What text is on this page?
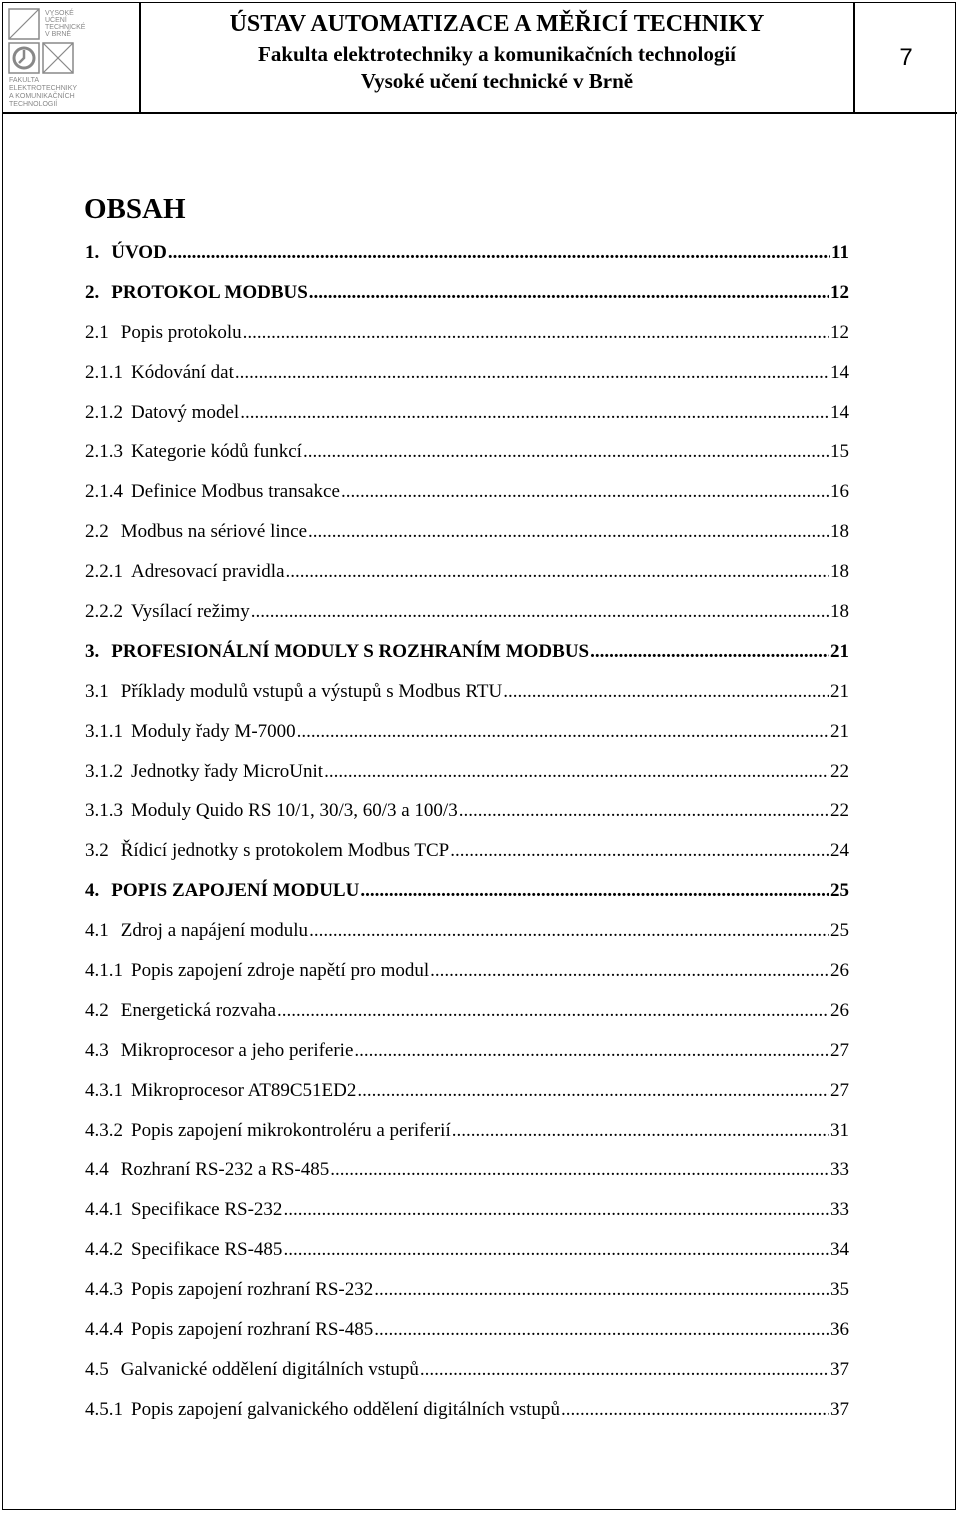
VYSOKÉ
UČENÍ
TECHNICKÉ
V BRNĚ
FAKULTA
ELEKTROTECHNIKY
A KOMUNIKAČNÍCH
TECHNOLOGIÍ
ÚSTAV AUTOMATIZACE A MĚŘICÍ TECHNIKY
Fakulta elektrotechniky a komunikačních technologií
Vysoké učení technické v Brně
7
OBSAH
1. ÚVOD .....	11
2. PROTOKOL MODBUS .....	12
2.1 Popis protokolu .....	12
2.1.1 Kódování dat .....	14
2.1.2 Datový model .....	14
2.1.3 Kategorie kódů funkcí .....	15
2.1.4 Definice Modbus transakce .....	16
2.2 Modbus na sériové lince .....	18
2.2.1 Adresovací pravidla .....	18
2.2.2 Vysílací režimy .....	18
3. PROFESIONÁLNÍ MODULY S ROZHRANÍM MODBUS .....	21
3.1 Příklady modulů vstupů a výstupů s Modbus RTU .....	21
3.1.1 Moduly řady M-7000 .....	21
3.1.2 Jednotky řady MicroUnit .....	22
3.1.3 Moduly Quido RS 10/1, 30/3, 60/3 a 100/3 .....	22
3.2 Řídicí jednotky s protokolem Modbus TCP .....	24
4. POPIS ZAPOJENÍ MODULU .....	25
4.1 Zdroj a napájení modulu .....	25
4.1.1 Popis zapojení zdroje napětí pro modul .....	26
4.2 Energetická rozvaha .....	26
4.3 Mikroprocesor a jeho periferie .....	27
4.3.1 Mikroprocesor AT89C51ED2 .....	27
4.3.2 Popis zapojení mikrokontroléru a periferií .....	31
4.4 Rozhraní RS-232 a RS-485 .....	33
4.4.1 Specifikace RS-232 .....	33
4.4.2 Specifikace RS-485 .....	34
4.4.3 Popis zapojení rozhraní RS-232 .....	35
4.4.4 Popis zapojení rozhraní RS-485 .....	36
4.5 Galvanické oddělení digitálních vstupů .....	37
4.5.1 Popis zapojení galvanického oddělení digitálních vstupů .....	37
